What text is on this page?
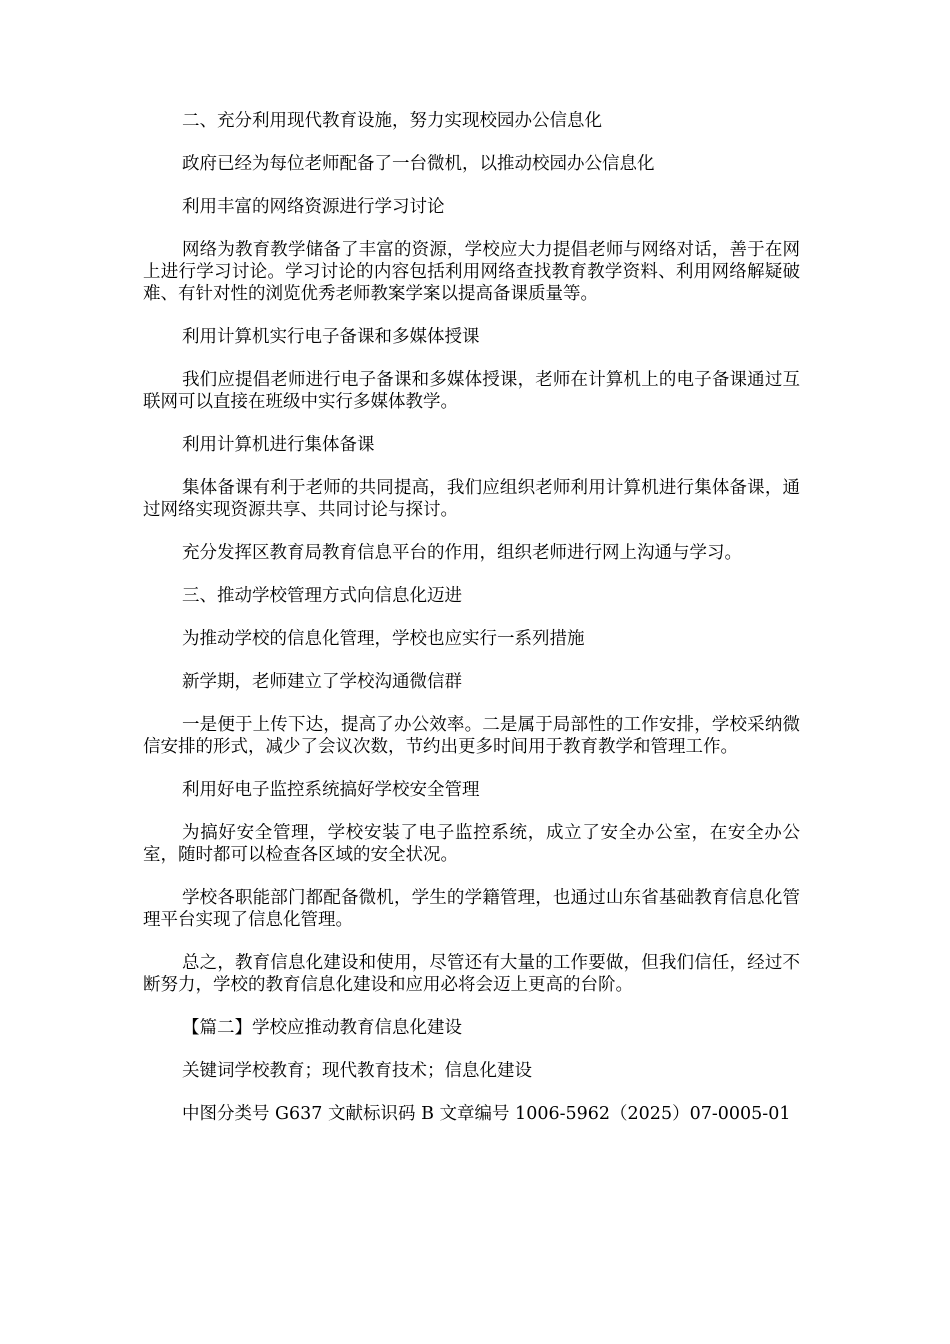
二、充分利用现代教育设施，努力实现校园办公信息化

政府已经为每位老师配备了一台微机，以推动校园办公信息化

利用丰富的网络资源进行学习讨论

网络为教育教学储备了丰富的资源，学校应大力提倡老师与网络对话，善于在网上进行学习讨论。学习讨论的内容包括利用网络查找教育教学资料、利用网络解疑破难、有针对性的浏览优秀老师教案学案以提高备课质量等。

利用计算机实行电子备课和多媒体授课

我们应提倡老师进行电子备课和多媒体授课，老师在计算机上的电子备课通过互联网可以直接在班级中实行多媒体教学。

利用计算机进行集体备课

集体备课有利于老师的共同提高，我们应组织老师利用计算机进行集体备课，通过网络实现资源共享、共同讨论与探讨。

充分发挥区教育局教育信息平台的作用，组织老师进行网上沟通与学习。

三、推动学校管理方式向信息化迈进

为推动学校的信息化管理，学校也应实行一系列措施

新学期，老师建立了学校沟通微信群

一是便于上传下达，提高了办公效率。二是属于局部性的工作安排，学校采纳微信安排的形式，减少了会议次数，节约出更多时间用于教育教学和管理工作。

利用好电子监控系统搞好学校安全管理

为搞好安全管理，学校安装了电子监控系统，成立了安全办公室，在安全办公室，随时都可以检查各区域的安全状况。

学校各职能部门都配备微机，学生的学籍管理，也通过山东省基础教育信息化管理平台实现了信息化管理。

总之，教育信息化建设和使用，尽管还有大量的工作要做，但我们信任，经过不断努力，学校的教育信息化建设和应用必将会迈上更高的台阶。

【篇二】学校应推动教育信息化建设

关键词学校教育；现代教育技术；信息化建设

中图分类号 G637 文献标识码 B 文章编号 1006-5962（2025）07-0005-01
